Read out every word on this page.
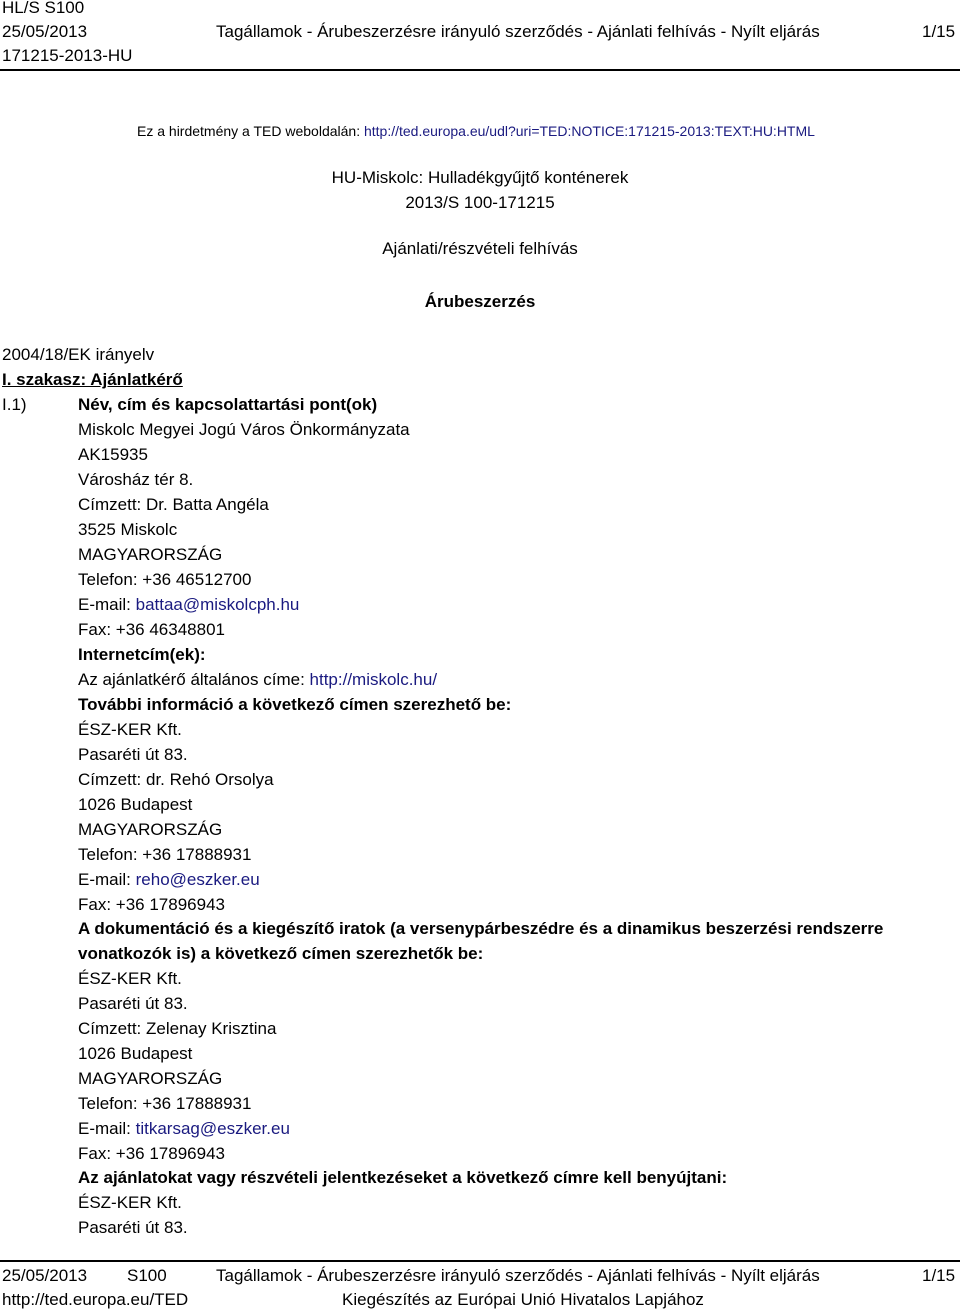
HL/S S100
25/05/2013
171215-2013-HU
Tagállamok - Árubeszerzésre irányuló szerződés - Ajánlati felhívás - Nyílt eljárás	1/15
Ez a hirdetmény a TED weboldalán: http://ted.europa.eu/udl?uri=TED:NOTICE:171215-2013:TEXT:HU:HTML
HU-Miskolc: Hulladékgyűjtő konténerek
2013/S 100-171215
Ajánlati/részvételi felhívás
Árubeszerzés
2004/18/EK irányelv
I. szakasz: Ajánlatkérő
I.1)	Név, cím és kapcsolattartási pont(ok)
Miskolc Megyei Jogú Város Önkormányzata
AK15935
Városház tér 8.
Címzett: Dr. Batta Angéla
3525 Miskolc
MAGYARORSZÁG
Telefon: +36 46512700
E-mail: battaa@miskolcph.hu
Fax: +36 46348801
Internetcím(ek):
Az ajánlatkérő általános címe: http://miskolc.hu/
További információ a következő címen szerezhető be:
ÉSZ-KER Kft.
Pasaréti út 83.
Címzett: dr. Rehó Orsolya
1026 Budapest
MAGYARORSZÁG
Telefon: +36 17888931
E-mail: reho@eszker.eu
Fax: +36 17896943
A dokumentáció és a kiegészítő iratok (a versenypárbeszédre és a dinamikus beszerzési rendszerre
vonatkozók is) a következő címen szerezhetők be:
ÉSZ-KER Kft.
Pasaréti út 83.
Címzett: Zelenay Krisztina
1026 Budapest
MAGYARORSZÁG
Telefon: +36 17888931
E-mail: titkarsag@eszker.eu
Fax: +36 17896943
Az ajánlatokat vagy részvételi jelentkezéseket a következő címre kell benyújtani:
ÉSZ-KER Kft.
Pasaréti út 83.
25/05/2013 S100	Tagállamok - Árubeszerzésre irányuló szerződés - Ajánlati felhívás - Nyílt eljárás	1/15
http://ted.europa.eu/TED	Kiegészítés az Európai Unió Hivatalos Lapjához
